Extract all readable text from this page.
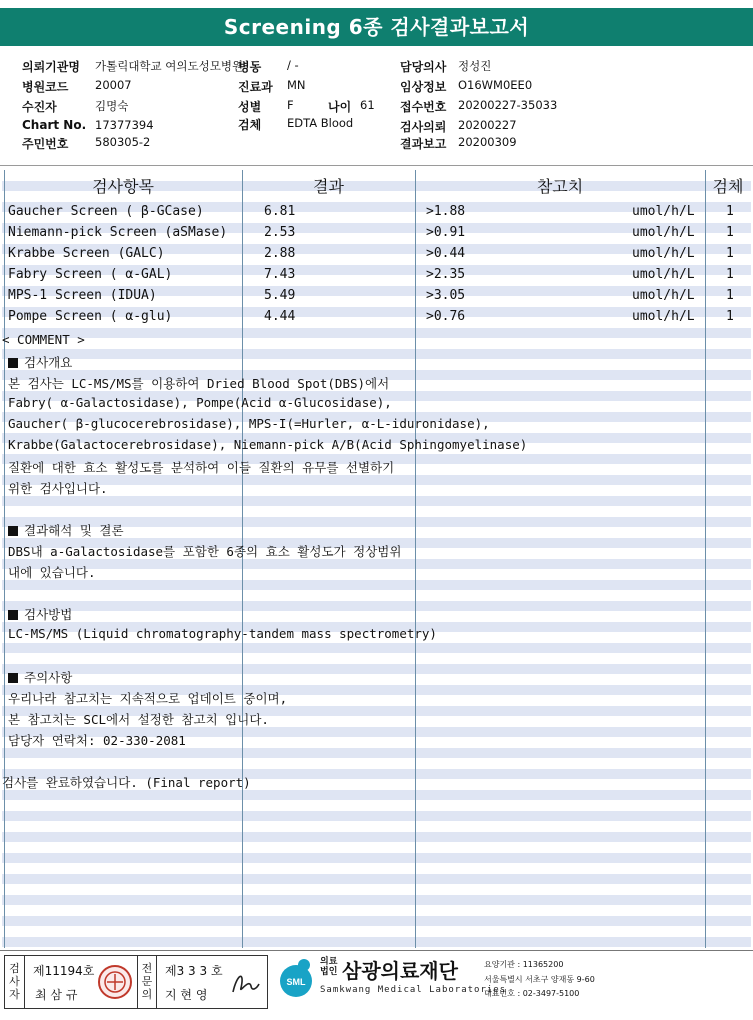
Screening 6종 검사결과보고서
의뢰기관명 가톨릭대학교 여의도성모병원
병동 / -	담당의사 정성진
병원코드 20007	진료과 MN	임상정보 O16WM0EE0
수진자	김명숙	성별 F	나이 61 접수번호 20200227-35033
Chart No. 17377394	검체 EDTA Blood	검사의뢰 20200227
주민번호 580305-2	결과보고 20200309
검사항목	결과	참고치	검체
Gaucher Screen ( β-GCase)	6.81	>1.88	umol/h/L 1
Niemann-pick Screen (aSMase)	2.53	>0.91	umol/h/L 1
Krabbe Screen (GALC)	2.88	>0.44	umol/h/L 1
Fabry Screen ( α-GAL)	7.43	>2.35	umol/h/L 1
MPS-1 Screen (IDUA)	5.49	>3.05	umol/h/L 1
Pompe Screen ( α-glu)	4.44	>0.76	umol/h/L 1
< COMMENT >
검사개요
본 검사는 LC-MS/MS를 이용하여 Dried Blood Spot(DBS)에서
Fabry( α-Galactosidase), Pompe(Acid α-Glucosidase),
Gaucher( β-glucocerebrosidase), MPS-I(=Hurler, α-L-iduronidase),
Krabbe(Galactocerebrosidase), Niemann-pick A/B(Acid Sphingomyelinase)
질환에 대한 효소 활성도를 분석하여 이들 질환의 유무를 선별하기
위한 검사입니다.
결과해석 및 결론
DBS내 a-Galactosidase를 포함한 6종의 효소 활성도가 정상범위
내에 있습니다.
검사방법
LC-MS/MS (Liquid chromatography-tandem mass spectrometry)
주의사항
우리나라 참고치는 지속적으로 업데이트 중이며,
본 참고치는 SCL에서 설정한 참고치 입니다.
담당자 연락처: 02-330-2081
검사를 완료하였습니다. (Final report)
검사자
제11194호
최 삼 규
전문의
제3 3 3 호
지 현 영
SML
의료법인 삼광의료재단
Samkwang Medical Laboratories
요양기관 : 11365200
서울특별시 서초구 양재동 9-60
대표번호 : 02-3497-5100
